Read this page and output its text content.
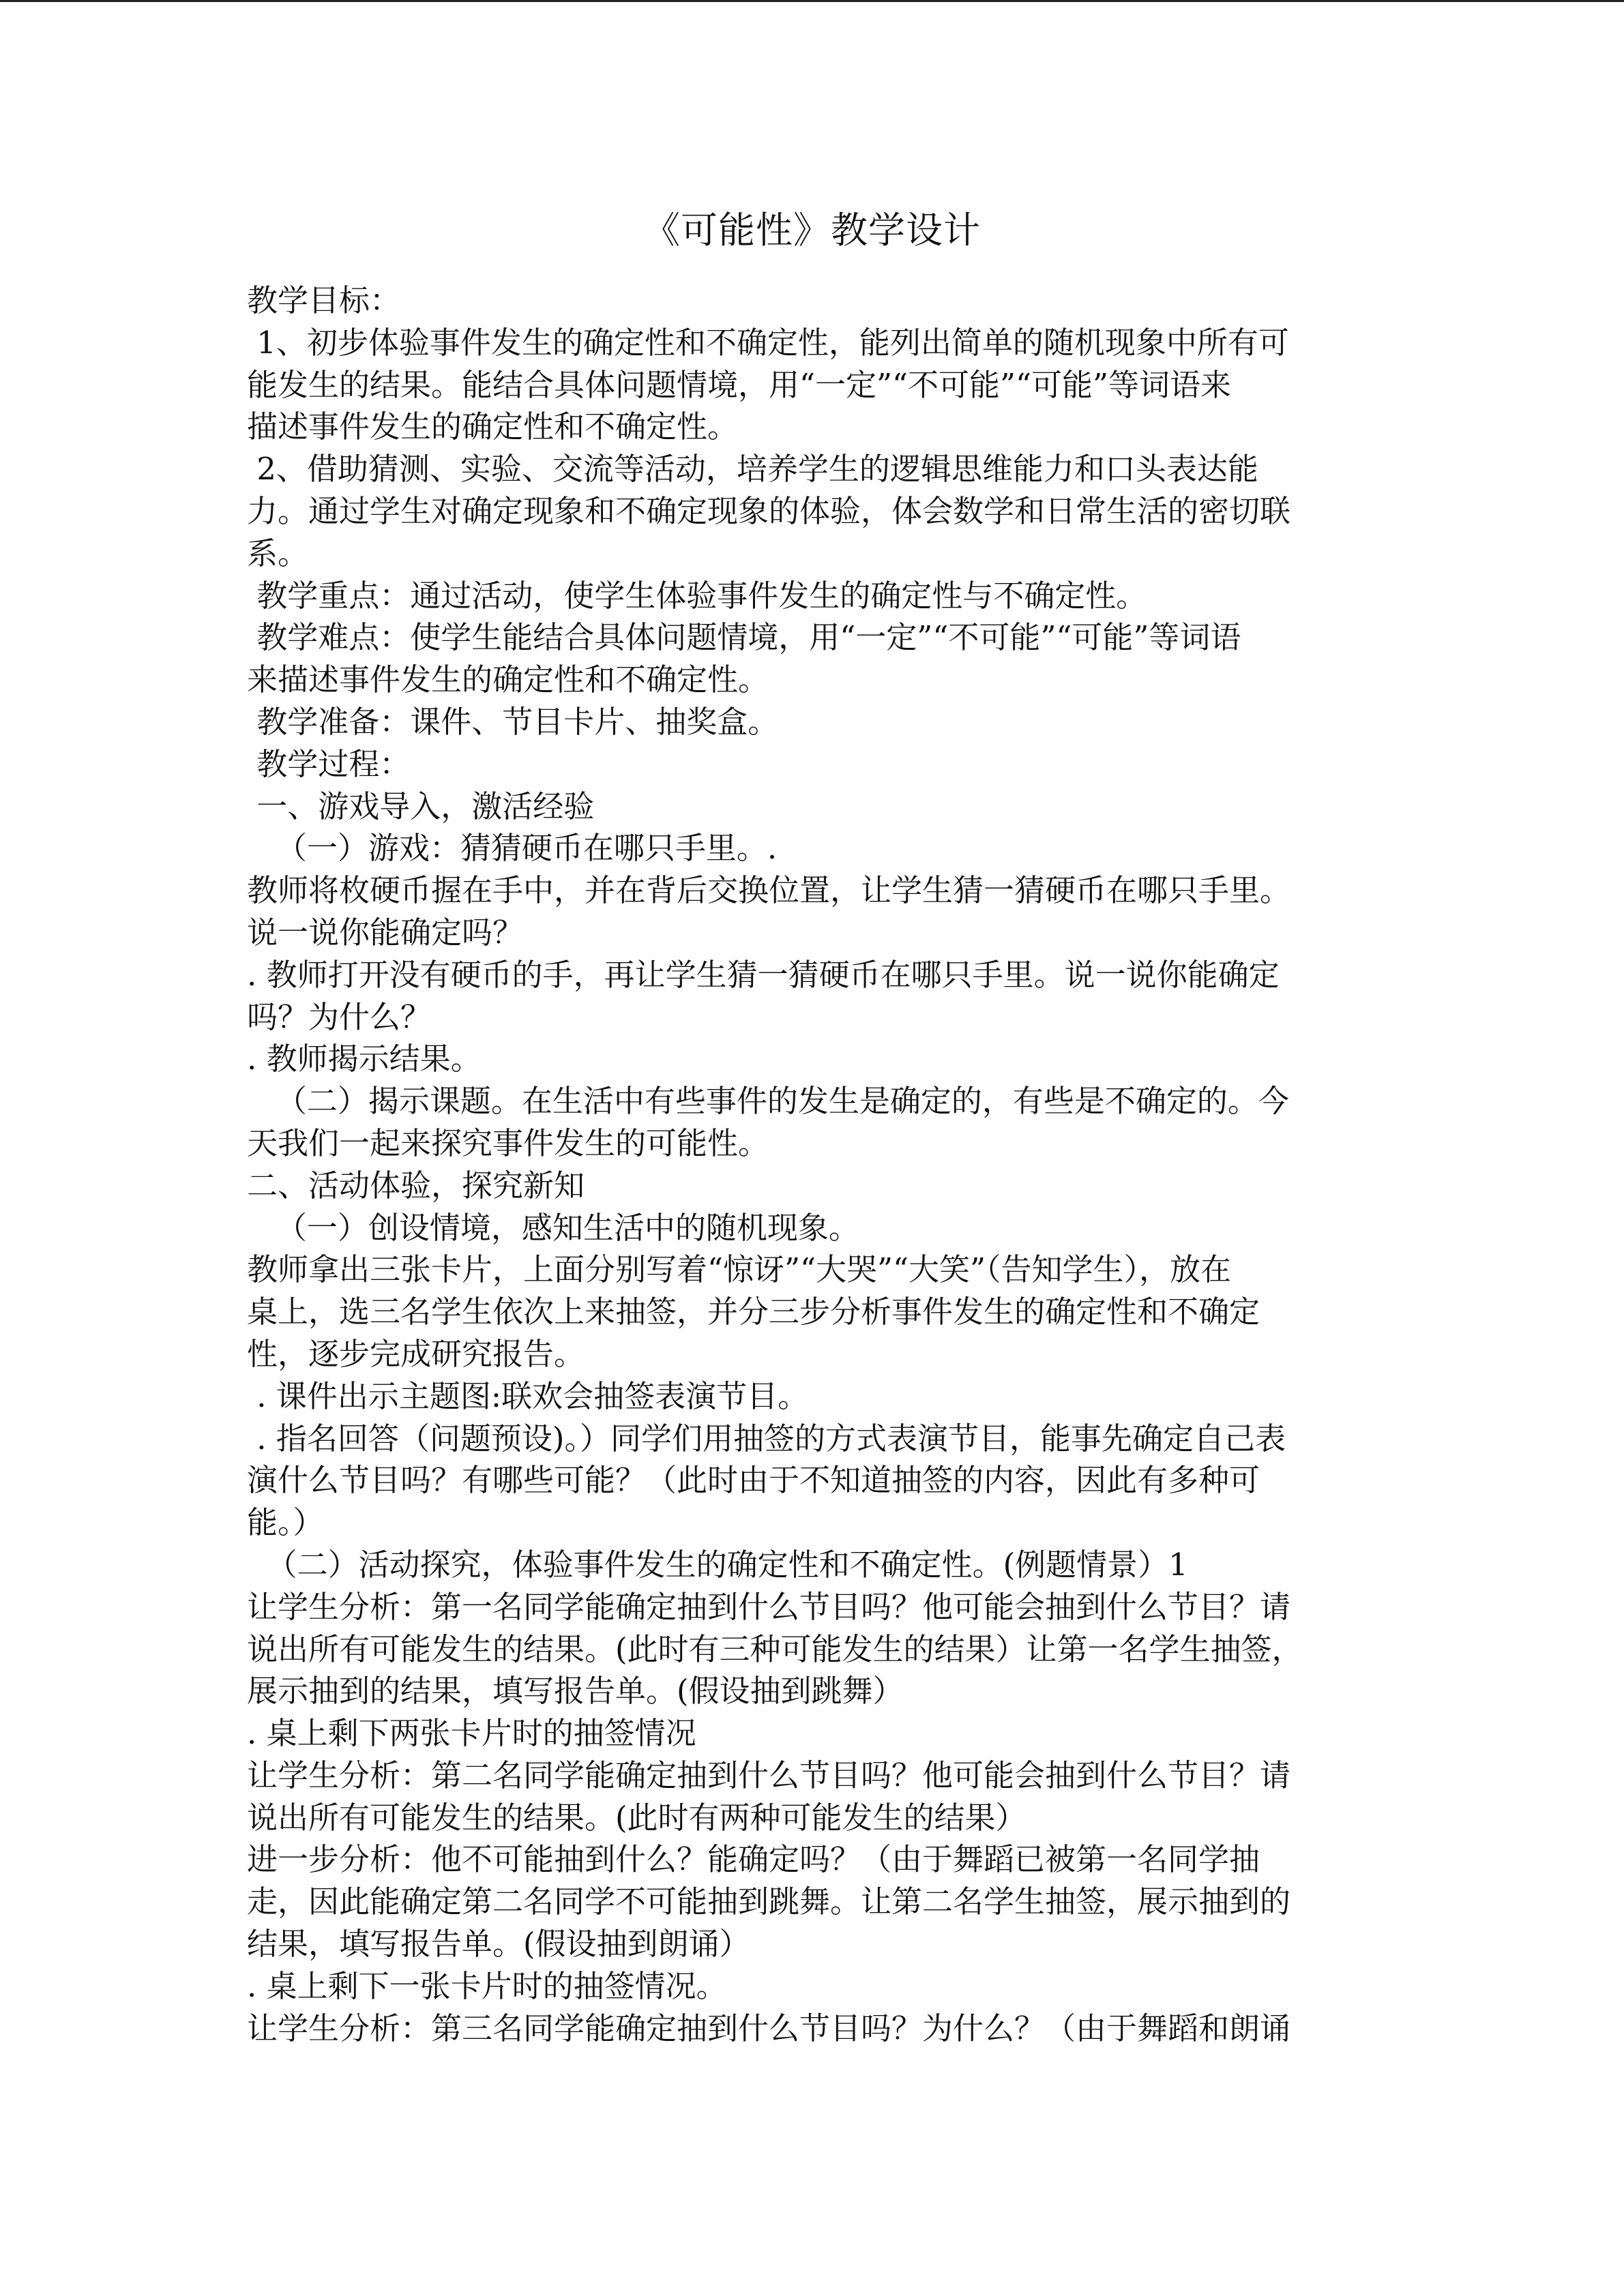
《可能性》教学设计
教学目标：
1、初步体验事件发生的确定性和不确定性，能列出简单的随机现象中所有可
能发生的结果。能结合具体问题情境，用“一定”“不可能”“可能”等词语来
描述事件发生的确定性和不确定性。
2、借助猜测、实验、交流等活动，培养学生的逻辑思维能力和口头表达能
力。通过学生对确定现象和不确定现象的体验，体会数学和日常生活的密切联
系。
教学重点：通过活动，使学生体验事件发生的确定性与不确定性。
教学难点：使学生能结合具体问题情境，用“一定”“不可能”“可能”等词语
来描述事件发生的确定性和不确定性。
教学准备：课件、节目卡片、抽奖盒。
教学过程：
一、游戏导入，激活经验
（一）游戏：猜猜硬币在哪只手里。.
教师将枚硬币握在手中，并在背后交换位置，让学生猜一猜硬币在哪只手里。
说一说你能确定吗？
. 教师打开没有硬币的手，再让学生猜一猜硬币在哪只手里。说一说你能确定
吗？为什么？
. 教师揭示结果。
（二）揭示课题。在生活中有些事件的发生是确定的，有些是不确定的。今
天我们一起来探究事件发生的可能性。
二、活动体验，探究新知
（一）创设情境，感知生活中的随机现象。
教师拿出三张卡片，上面分别写着“惊讶”“大哭”“大笑”（告知学生），放在
桌上，选三名学生依次上来抽签，并分三步分析事件发生的确定性和不确定
性，逐步完成研究报告。
. 课件出示主题图:联欢会抽签表演节目。
. 指名回答（问题预设)。）同学们用抽签的方式表演节目，能事先确定自己表
演什么节目吗？有哪些可能？（此时由于不知道抽签的内容，因此有多种可
能。）
（二）活动探究，体验事件发生的确定性和不确定性。(例题情景）1
让学生分析：第一名同学能确定抽到什么节目吗？他可能会抽到什么节目？请
说出所有可能发生的结果。(此时有三种可能发生的结果）让第一名学生抽签，
展示抽到的结果，填写报告单。(假设抽到跳舞）
. 桌上剩下两张卡片时的抽签情况
让学生分析：第二名同学能确定抽到什么节目吗？他可能会抽到什么节目？请
说出所有可能发生的结果。(此时有两种可能发生的结果）
进一步分析：他不可能抽到什么？能确定吗？（由于舞蹈已被第一名同学抽
走，因此能确定第二名同学不可能抽到跳舞。让第二名学生抽签，展示抽到的
结果，填写报告单。(假设抽到朗诵）
. 桌上剩下一张卡片时的抽签情况。
让学生分析：第三名同学能确定抽到什么节目吗？为什么？（由于舞蹈和朗诵
